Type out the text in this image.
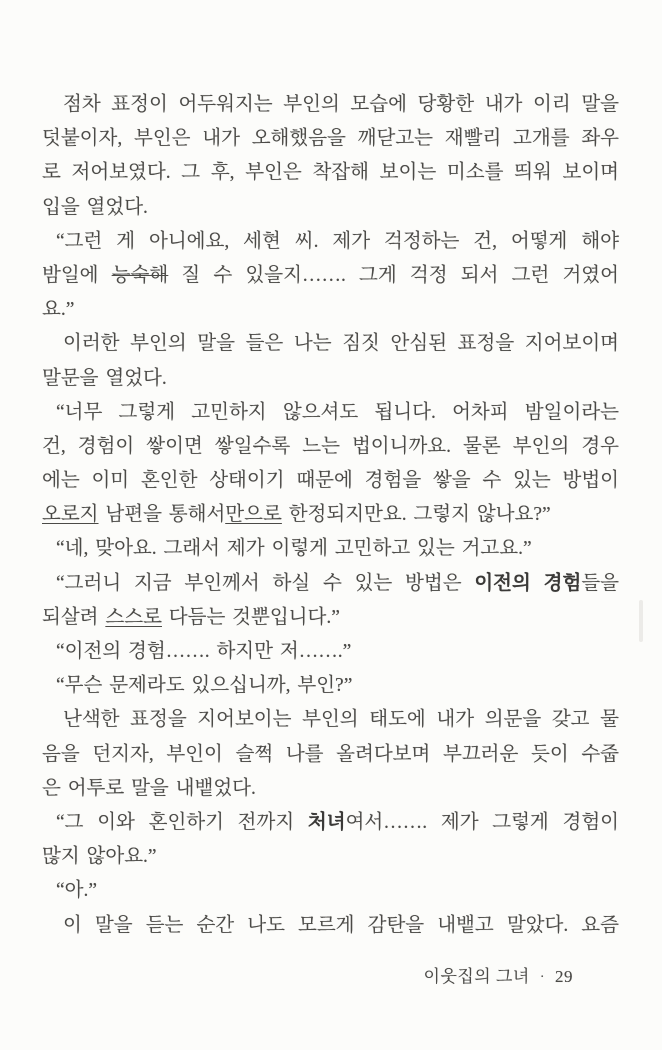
점차 표정이 어두워지는 부인의 모습에 당황한 내가 이리 말을
덧붙이자, 부인은 내가 오해했음을 깨닫고는 재빨리 고개를 좌우
로 저어보였다. 그 후, 부인은 착잡해 보이는 미소를 띄워 보이며
입을 열었다.
“그런 게 아니에요, 세현 씨. 제가 걱정하는 건, 어떻게 해야
밤일에 능숙해 질 수 있을지……. 그게 걱정 되서 그런 거였어
요.”
이러한 부인의 말을 들은 나는 짐짓 안심된 표정을 지어보이며
말문을 열었다.
“너무 그렇게 고민하지 않으셔도 됩니다. 어차피 밤일이라는
건, 경험이 쌓이면 쌓일수록 느는 법이니까요. 물론 부인의 경우
에는 이미 혼인한 상태이기 때문에 경험을 쌓을 수 있는 방법이
오로지 남편을 통해서만으로 한정되지만요. 그렇지 않나요?”
“네, 맞아요. 그래서 제가 이렇게 고민하고 있는 거고요.”
“그러니 지금 부인께서 하실 수 있는 방법은 이전의 경험들을
되살려 스스로 다듬는 것뿐입니다.”
“이전의 경험……. 하지만 저…….”
“무슨 문제라도 있으십니까, 부인?”
난색한 표정을 지어보이는 부인의 태도에 내가 의문을 갖고 물
음을 던지자, 부인이 슬쩍 나를 올려다보며 부끄러운 듯이 수줍
은 어투로 말을 내뱉었다.
“그 이와 혼인하기 전까지 처녀여서……. 제가 그렇게 경험이
많지 않아요.”
“아.”
이 말을 듣는 순간 나도 모르게 감탄을 내뱉고 말았다. 요즘
이웃집의 그녀 · 29
